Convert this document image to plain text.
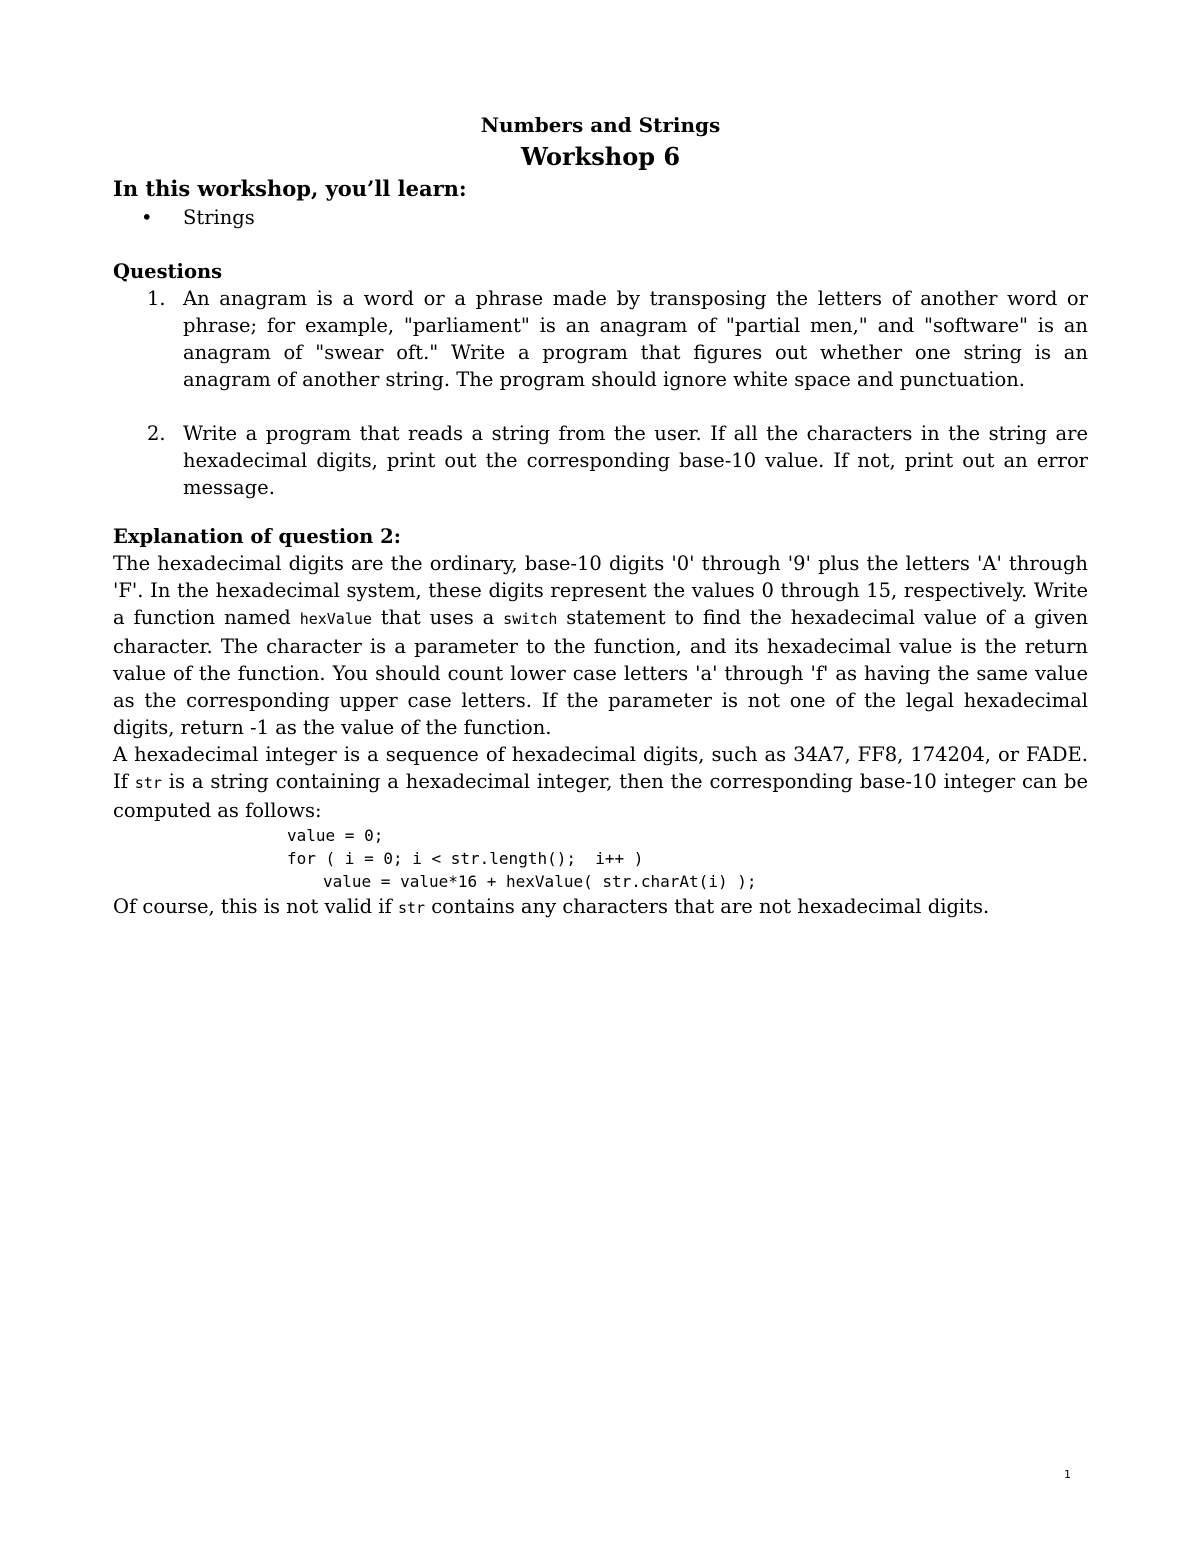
Numbers and Strings
Workshop 6
In this workshop, you’ll learn:
•	Strings
Questions
1. An anagram is a word or a phrase made by transposing the letters of another word or phrase; for example, "parliament" is an anagram of "partial men," and "software" is an anagram of "swear oft." Write a program that figures out whether one string is an anagram of another string. The program should ignore white space and punctuation.
2. Write a program that reads a string from the user. If all the characters in the string are hexadecimal digits, print out the corresponding base-10 value. If not, print out an error message.
Explanation of question 2:
The hexadecimal digits are the ordinary, base-10 digits '0' through '9' plus the letters 'A' through 'F'. In the hexadecimal system, these digits represent the values 0 through 15, respectively. Write a function named hexValue that uses a switch statement to find the hexadecimal value of a given character. The character is a parameter to the function, and its hexadecimal value is the return value of the function. You should count lower case letters 'a' through 'f' as having the same value as the corresponding upper case letters. If the parameter is not one of the legal hexadecimal digits, return -1 as the value of the function.
A hexadecimal integer is a sequence of hexadecimal digits, such as 34A7, FF8, 174204, or FADE. If str is a string containing a hexadecimal integer, then the corresponding base-10 integer can be computed as follows:
value = 0;
for ( i = 0; i < str.length();  i++ )
value = value*16 + hexValue( str.charAt(i) );
Of course, this is not valid if str contains any characters that are not hexadecimal digits.
1
